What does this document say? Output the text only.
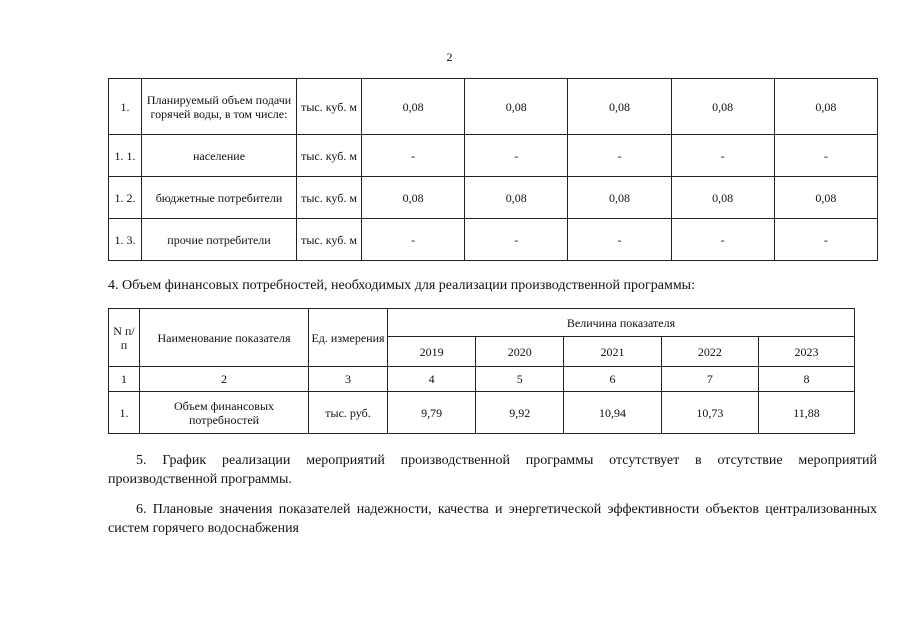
2
1.	Планируемый объем подачи горячей воды, в том числе:	тыс. куб. м	0,08	0,08	0,08	0,08	0,08
1. 1.	население	тыс. куб. м	-	-	-	-	-
1. 2.	бюджетные потребители	тыс. куб. м	0,08	0,08	0,08	0,08	0,08
1. 3.	прочие потребители	тыс. куб. м	-	-	-	-	-
4. Объем финансовых потребностей, необходимых для реализации производственной программы:
N п/ п	Наименование показателя	Ед. измерения	Величина показателя				
			2019	2020	2021	2022	2023
1	2	3	4	5	6	7	8
1.	Объем финансовых потребностей	тыс. руб.	9,79	9,92	10,94	10,73	11,88
5. График реализации мероприятий производственной программы отсутствует в отсутствие мероприятий производственной программы.
6. Плановые значения показателей надежности, качества и энергетической эффективности объектов централизованных систем горячего водоснабжения
